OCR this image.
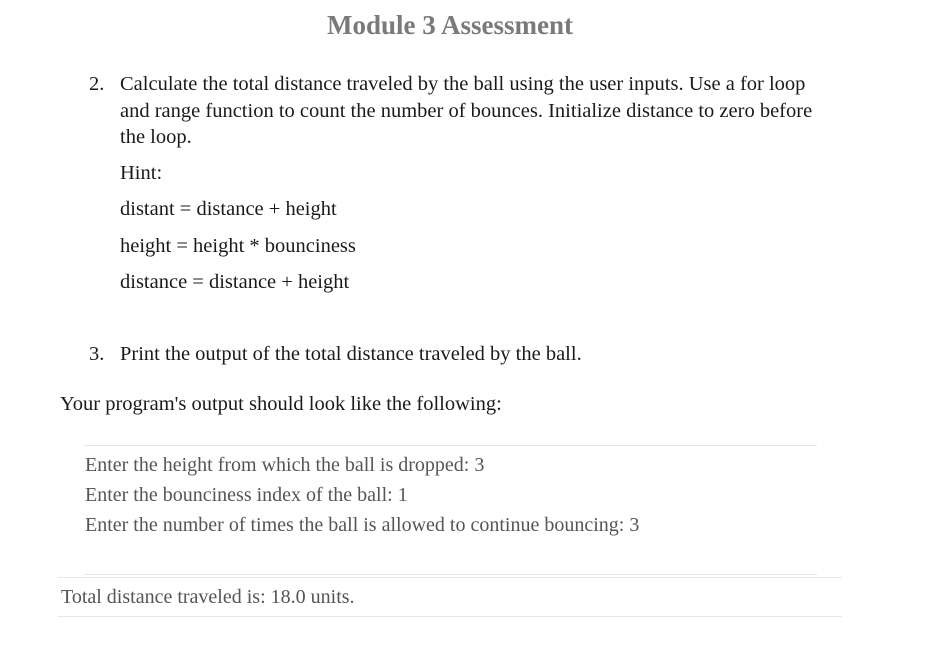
Module 3 Assessment
2. Calculate the total distance traveled by the ball using the user inputs. Use a for loop and range function to count the number of bounces. Initialize distance to zero before the loop.
Hint:
distant = distance + height
height = height * bounciness
distance = distance + height
3. Print the output of the total distance traveled by the ball.
Your program's output should look like the following:
Enter the height from which the ball is dropped: 3
Enter the bounciness index of the ball: 1
Enter the number of times the ball is allowed to continue bouncing: 3
Total distance traveled is: 18.0 units.
